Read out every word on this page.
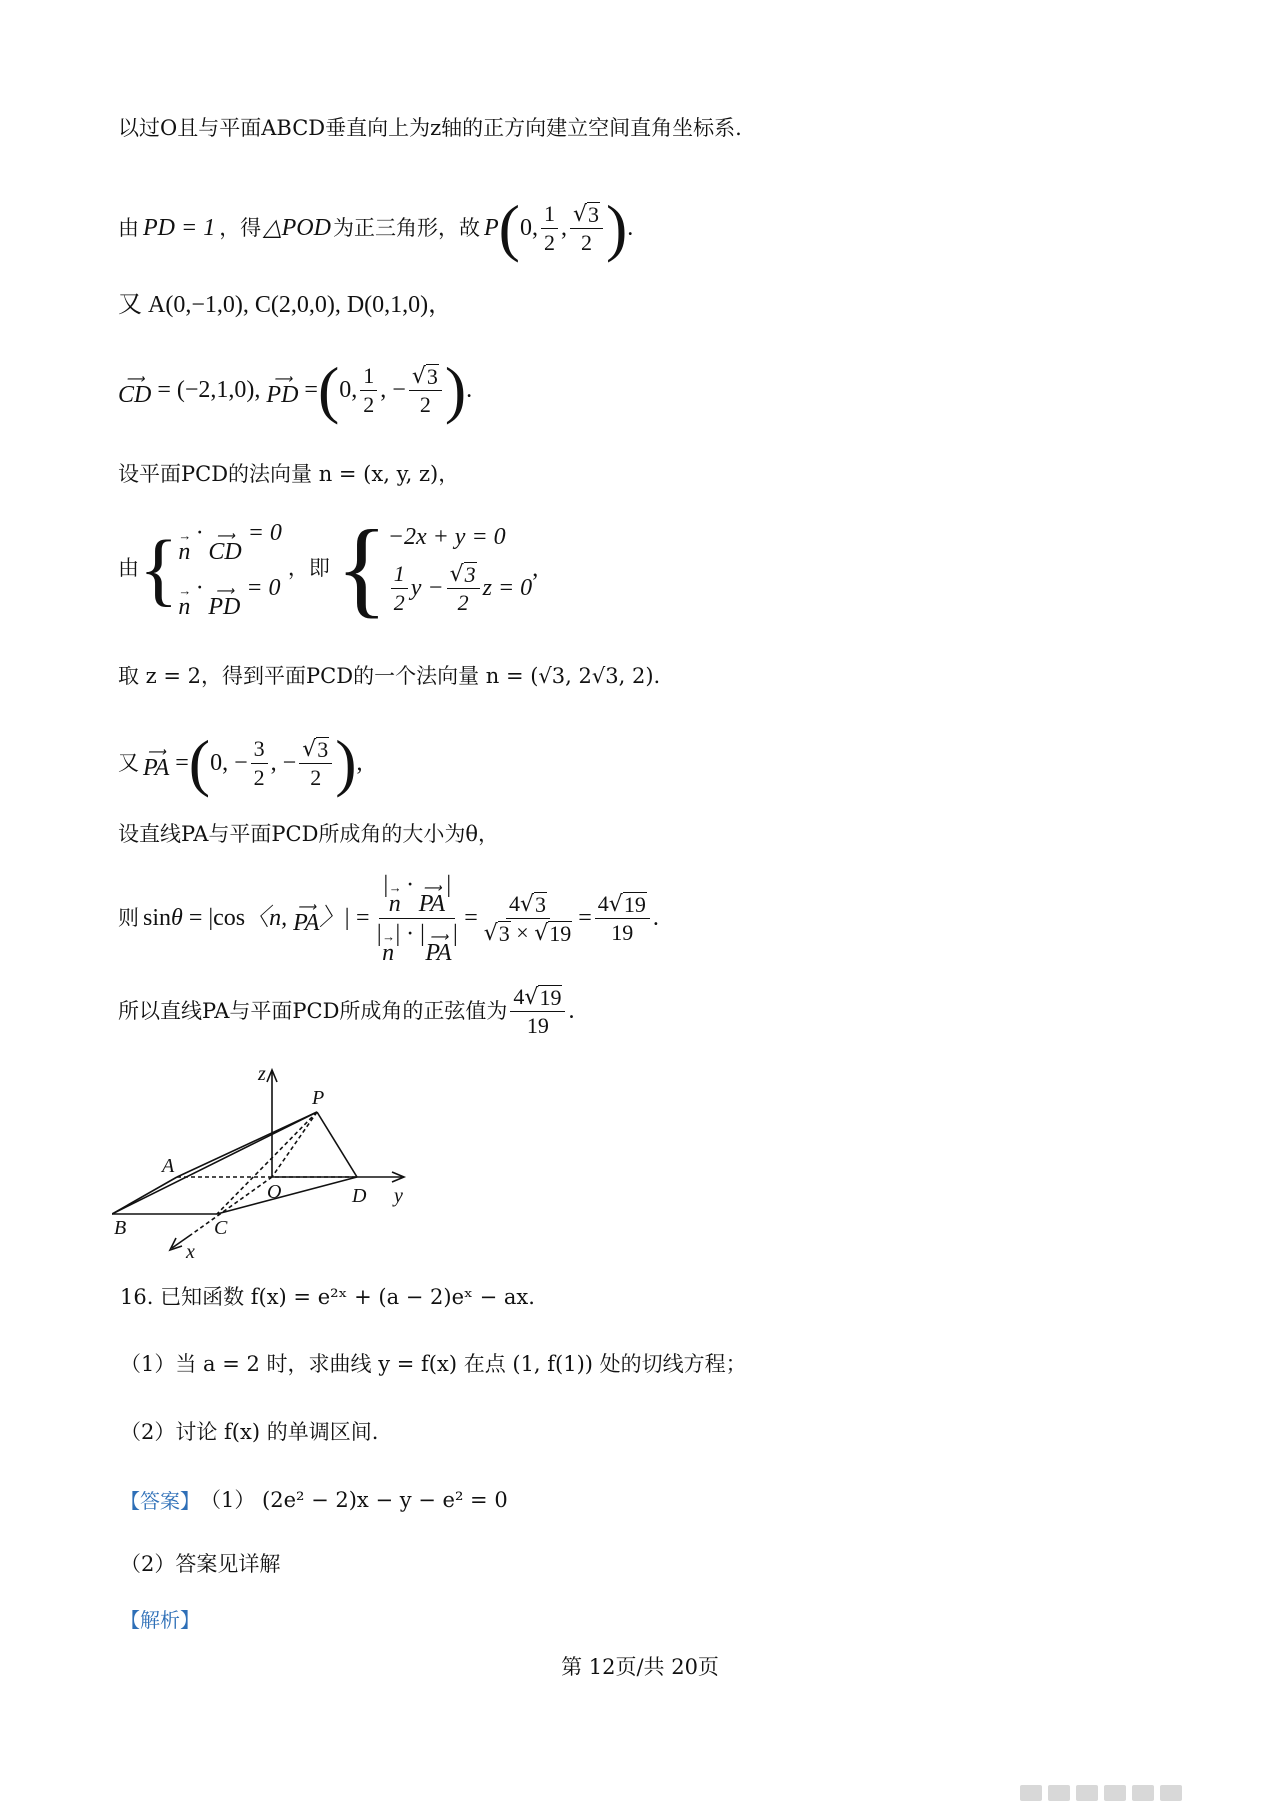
以过O且与平面ABCD垂直向上为z轴的正方向建立空间直角坐标系.
由 PD = 1 ，得 △POD 为正三角形，故 P ( 0, $\frac{1}{2}$ , $\frac{√ 3}{2}$ ) .
又 A(0,−1,0), C(2,0,0), D(0,1,0)，
⟶
CD = (−2,1,0), ⟶
PD = ( 0, $\frac{1}{2}$ , − $\frac{√ 3}{2}$ ) .
设平面PCD的法向量 n = (x, y, z)，
由 { →
n
· ⟶
CD
= 0
→
n
· ⟶
PD
= 0
，即 { −2x + y = 0
$\frac{1}{2}$ $y - \frac{√ 3}{2}$ z = 0
,
取 z = 2，得到平面PCD的一个法向量 n = (√3, 2√3, 2).
又 ⟶
PA = ( 0, − $\frac{3}{2}$ , − $\frac{√ 3}{2}$ ) ,
设直线PA与平面PCD所成角的大小为θ，
则 sin θ = |cos 〈n, ⟶
PA 〉| = | →
n
· ⟶
PA
|
| →
n
| · | ⟶
PA
| = $\frac{4 √ 3}{√ 3 \times √ 19} = \frac{4 √ 19}{19}$ .
所以直线PA与平面PCD所成角的正弦值为 $\frac{4 √ 19}{19}$ .
z
P
A
O	D y
B	C
x
16. 已知函数 f(x) = e²ˣ + (a − 2)eˣ − ax.
（1）当 a = 2 时，求曲线 y = f(x) 在点 (1, f(1)) 处的切线方程；
（2）讨论 f(x) 的单调区间.
【答案】 （1） (2e² − 2)x − y − e² = 0
（2）答案见详解
【解析】
第 12页/共 20页
